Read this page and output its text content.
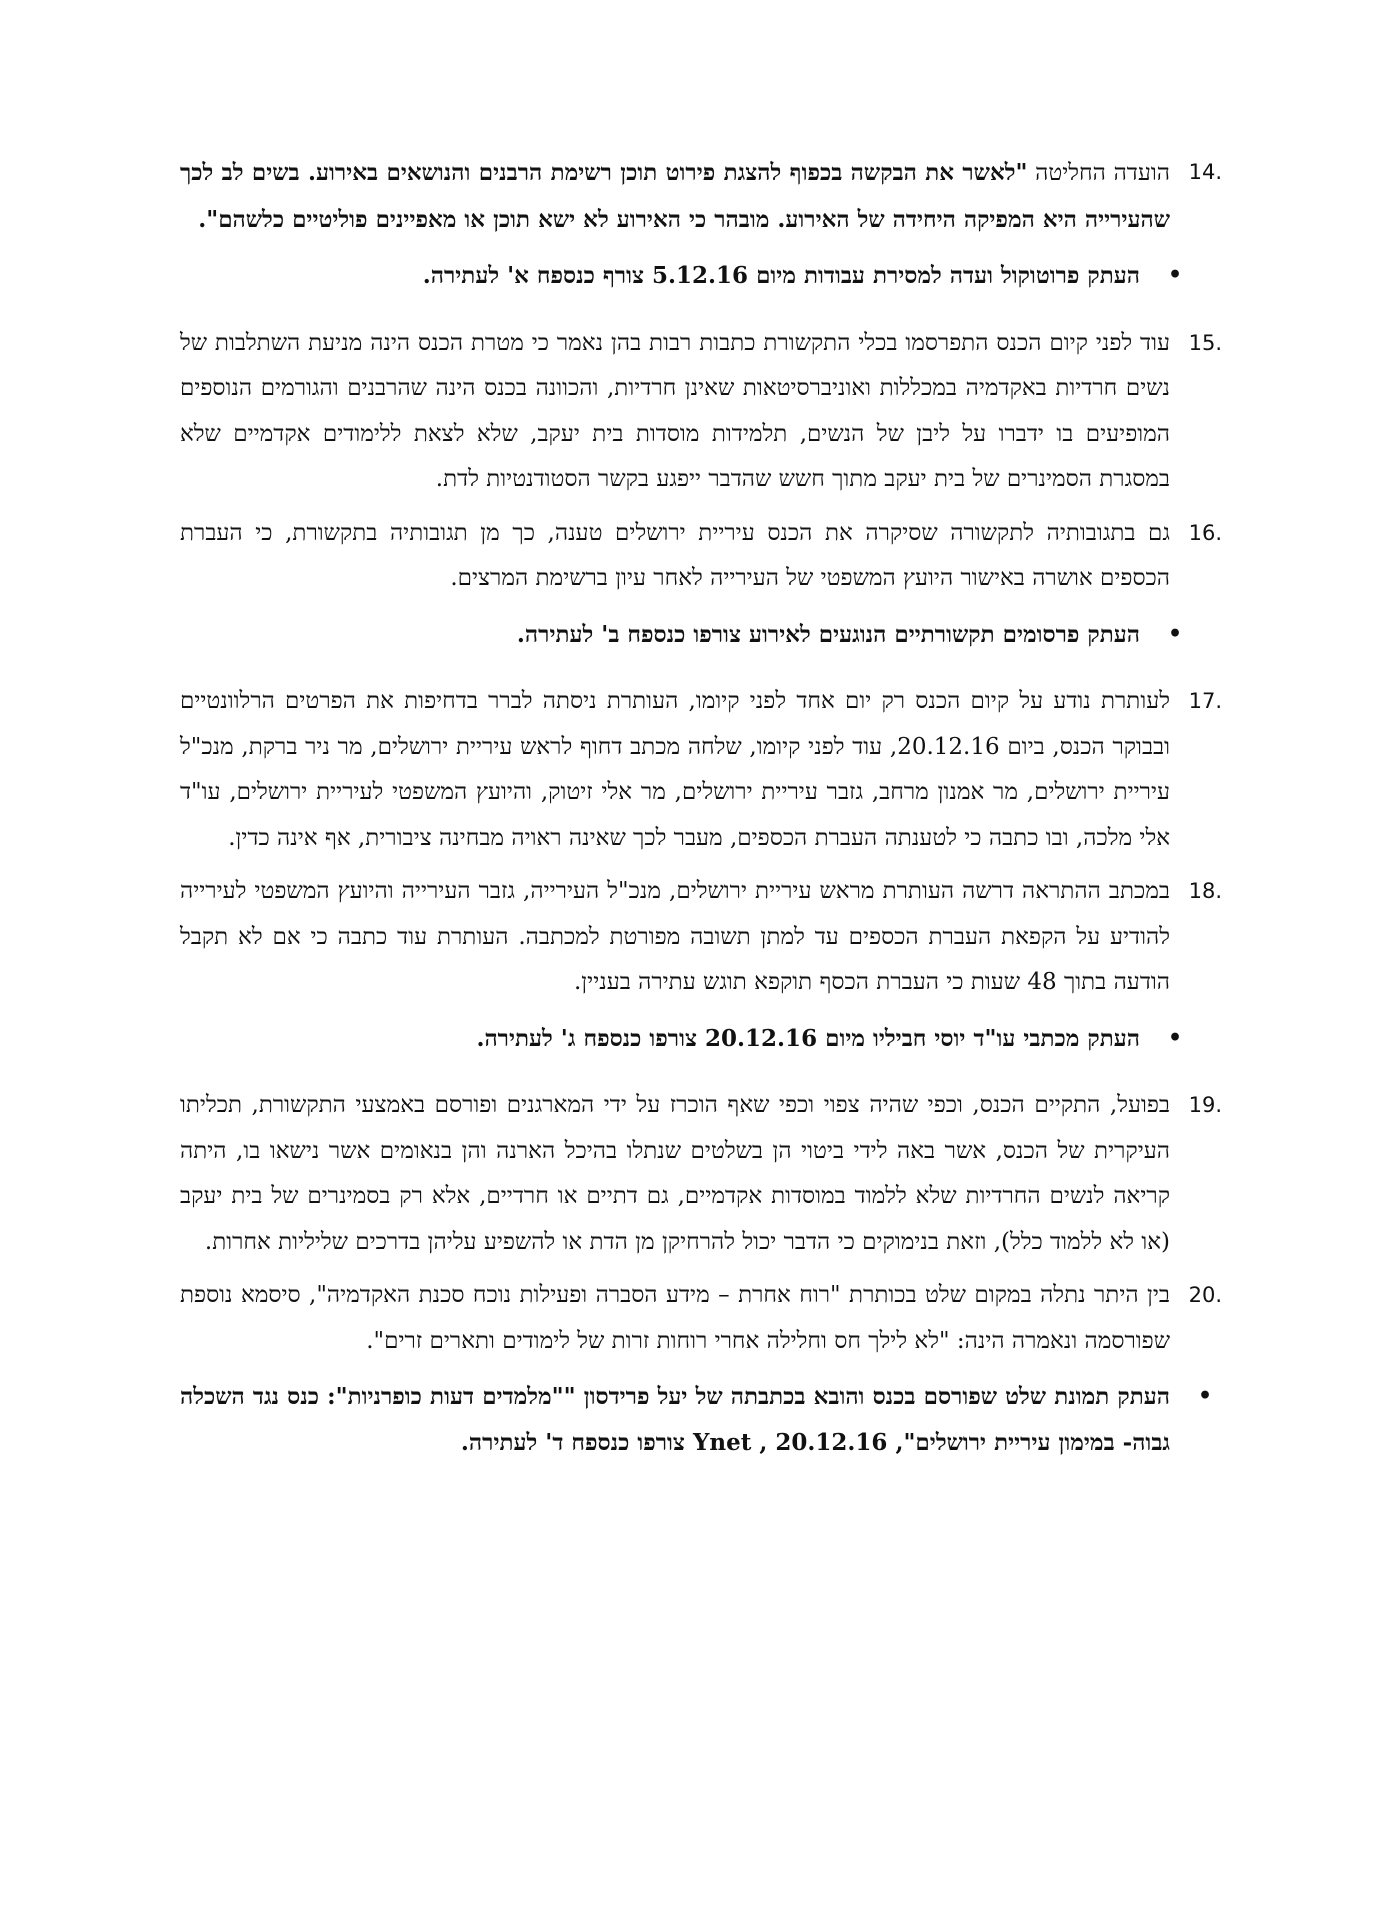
14.
הועדה החליטה "לאשר את הבקשה בכפוף להצגת פירוט תוכן רשימת הרבנים והנושאים באירוע. בשים לב לכך שהעירייה היא המפיקה היחידה של האירוע. מובהר כי האירוע לא ישא תוכן או מאפיינים פוליטיים כלשהם".
•
העתק פרוטוקול ועדה למסירת עבודות מיום 5.12.16 צורף כנספח א' לעתירה.
15.
עוד לפני קיום הכנס התפרסמו בכלי התקשורת כתבות רבות בהן נאמר כי מטרת הכנס הינה מניעת השתלבות של נשים חרדיות באקדמיה במכללות ואוניברסיטאות שאינן חרדיות, והכוונה בכנס הינה שהרבנים והגורמים הנוספים המופיעים בו ידברו על ליבן של הנשים, תלמידות מוסדות בית יעקב, שלא לצאת ללימודים אקדמיים שלא במסגרת הסמינרים של בית יעקב מתוך חשש שהדבר ייפגע בקשר הסטודנטיות לדת.
16.
גם בתגובותיה לתקשורה שסיקרה את הכנס עיריית ירושלים טענה, כך מן תגובותיה בתקשורת, כי העברת הכספים אושרה באישור היועץ המשפטי של העירייה לאחר עיון ברשימת המרצים.
•
העתק פרסומים תקשורתיים הנוגעים לאירוע צורפו כנספח ב' לעתירה.
17.
לעותרת נודע על קיום הכנס רק יום אחד לפני קיומו, העותרת ניסתה לברר בדחיפות את הפרטים הרלוונטיים ובבוקר הכנס, ביום 20.12.16, עוד לפני קיומו, שלחה מכתב דחוף לראש עיריית ירושלים, מר ניר ברקת, מנכ"ל עיריית ירושלים, מר אמנון מרחב, גזבר עיריית ירושלים, מר אלי זיטוק, והיועץ המשפטי לעיריית ירושלים, עו"ד אלי מלכה, ובו כתבה כי לטענתה העברת הכספים, מעבר לכך שאינה ראויה מבחינה ציבורית, אף אינה כדין.
18.
במכתב ההתראה דרשה העותרת מראש עיריית ירושלים, מנכ"ל העירייה, גזבר העירייה והיועץ המשפטי לעירייה להודיע על הקפאת העברת הכספים עד למתן תשובה מפורטת למכתבה. העותרת עוד כתבה כי אם לא תקבל הודעה בתוך 48 שעות כי העברת הכסף תוקפא תוגש עתירה בעניין.
•
העתק מכתבי עו"ד יוסי חביליו מיום 20.12.16 צורפו כנספח ג' לעתירה.
19.
בפועל, התקיים הכנס, וכפי שהיה צפוי וכפי שאף הוכרז על ידי המארגנים ופורסם באמצעי התקשורת, תכליתו העיקרית של הכנס, אשר באה לידי ביטוי הן בשלטים שנתלו בהיכל הארנה והן בנאומים אשר נישאו בו, היתה קריאה לנשים החרדיות שלא ללמוד במוסדות אקדמיים, גם דתיים או חרדיים, אלא רק בסמינרים של בית יעקב (או לא ללמוד כלל), וזאת בנימוקים כי הדבר יכול להרחיקן מן הדת או להשפיע עליהן בדרכים שליליות אחרות.
20.
בין היתר נתלה במקום שלט בכותרת "רוח אחרת – מידע הסברה ופעילות נוכח סכנת האקדמיה", סיסמא נוספת שפורסמה ונאמרה הינה: "לא לילך חס וחלילה אחרי רוחות זרות של לימודים ותארים זרים".
•
העתק תמונת שלט שפורסם בכנס והובא בכתבתה של יעל פרידסון ""מלמדים דעות כופרניות": כנס נגד השכלה גבוה- במימון עיריית ירושלים", Ynet , 20.12.16 צורפו כנספח ד' לעתירה.
